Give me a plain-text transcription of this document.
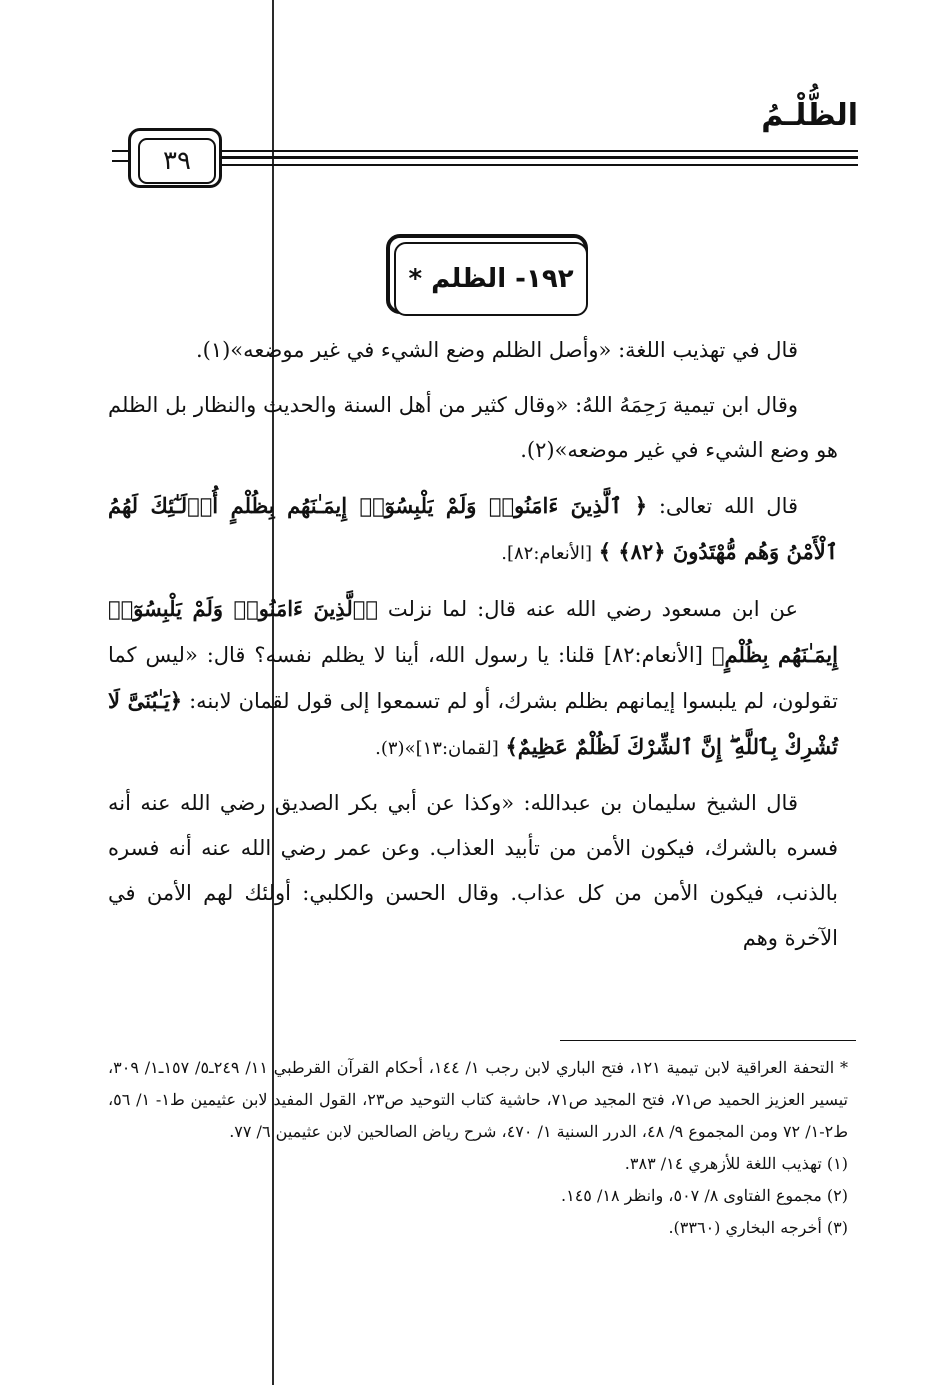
الظُّلْـمُ
٣٩
١٩٢- الظلم *

قال في تهذيب اللغة: «وأصل الظلم وضع الشيء في غير موضعه»(١).

وقال ابن تيمية رَحِمَهُ اللهُ: «وقال كثير من أهل السنة والحديث والنظار بل الظلم هو وضع الشيء في غير موضعه»(٢).

قال الله تعالى: ﴿ ٱلَّذِينَ ءَامَنُوا۟ وَلَمْ يَلْبِسُوٓا۟ إِيمَـٰنَهُم بِظُلْمٍ أُو۟لَـٰٓئِكَ لَهُمُ ٱلْأَمْنُ وَهُم مُّهْتَدُونَ ﴿٨٢﴾ ﴾ [الأنعام:٨٢].

عن ابن مسعود رضي الله عنه قال: لما نزلت ﴿ٱلَّذِينَ ءَامَنُوا۟ وَلَمْ يَلْبِسُوٓا۟ إِيمَـٰنَهُم بِظُلْمٍ﴾ [الأنعام:٨٢] قلنا: يا رسول الله، أينا لا يظلم نفسه؟ قال: «ليس كما تقولون، لم يلبسوا إيمانهم بظلم بشرك، أو لم تسمعوا إلى قول لقمان لابنه: ﴿يَـٰبُنَىَّ لَا تُشْرِكْ بِٱللَّهِ ۖ إِنَّ ٱلشِّرْكَ لَظُلْمٌ عَظِيمٌ﴾ [لقمان:١٣]»(٣).

قال الشيخ سليمان بن عبدالله: «وكذا عن أبي بكر الصديق رضي الله عنه أنه فسره بالشرك، فيكون الأمن من تأبيد العذاب. وعن عمر رضي الله عنه أنه فسره بالذنب، فيكون الأمن من كل عذاب. وقال الحسن والكلبي: أولئك لهم الأمن في الآخرة وهم

* التحفة العراقية لابن تيمية ١٢١، فتح الباري لابن رجب ١/ ١٤٤، أحكام القرآن القرطبي ١١/ ٢٤٩ـ٥/ ١٥٧ـ١/ ٣٠٩، تيسير العزيز الحميد ص٧١، فتح المجيد ص٧١، حاشية كتاب التوحيد ص٢٣، القول المفيد لابن عثيمين ط١- ١/ ٥٦، ط٢-١/ ٧٢ ومن المجموع ٩/ ٤٨، الدرر السنية ١/ ٤٧٠، شرح رياض الصالحين لابن عثيمين ٦/ ٧٧.

(١) تهذيب اللغة للأزهري ١٤/ ٣٨٣.

(٢) مجموع الفتاوى ٨/ ٥٠٧، وانظر ١٨/ ١٤٥.

(٣) أخرجه البخاري (٣٣٦٠).
